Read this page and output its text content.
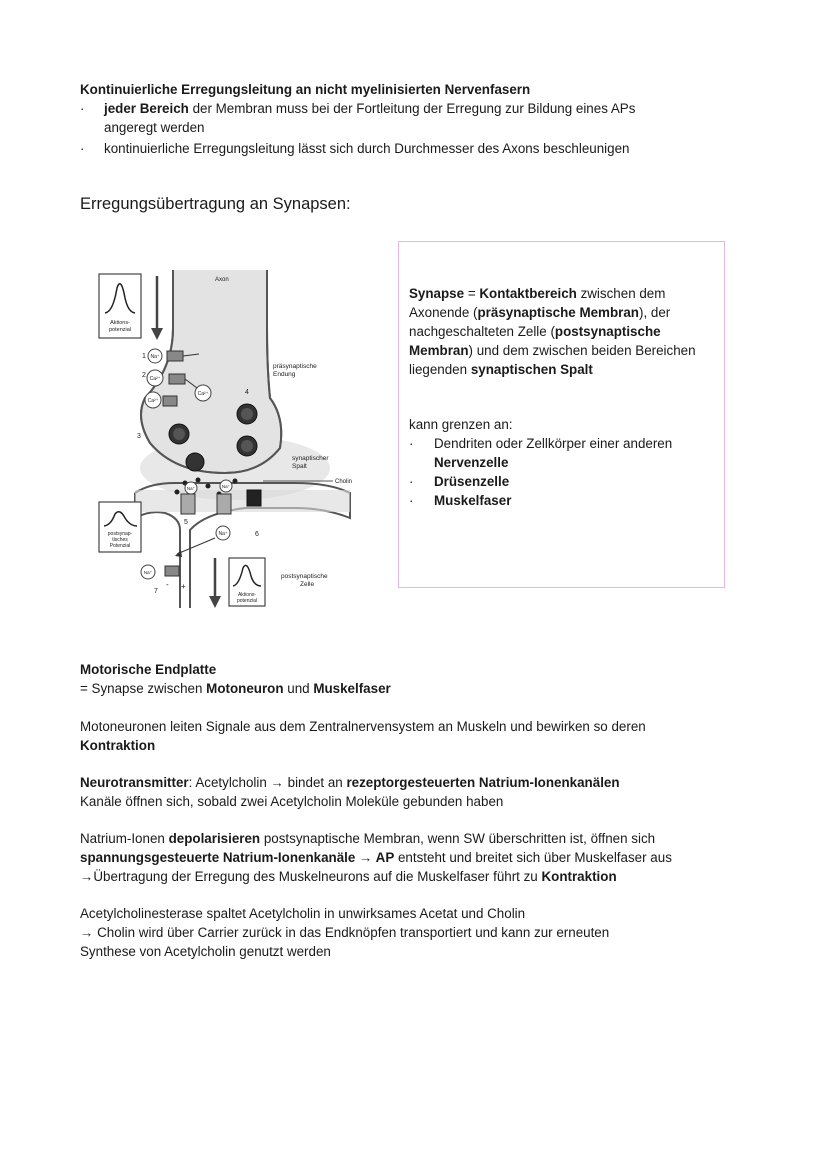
Kontinuierliche Erregungsleitung an nicht myelinisierten Nervenfasern
· jeder Bereich der Membran muss bei der Fortleitung der Erregung zur Bildung eines APs
angeregt werden
· kontinuierliche Erregungsleitung lässt sich durch Durchmesser des Axons beschleunigen
Erregungsübertragung an Synapsen:
Aktions-
potenzial
Axon
1
2
3
4
5
6
7
Na⁺
Ca²⁺
Ca²⁺
Ca²⁺
Na⁺	Na⁺
Na⁺
präsynaptische
Endung
synaptischer
Spalt
Cholin
postsynap-
tisches
Potenzial
Na⁺
- +
Aktions-
potenzial
postsynaptische
Zelle
Synapse = Kontaktbereich zwischen dem
Axonende (präsynaptische Membran), der
nachgeschalteten Zelle (postsynaptische
Membran) und dem zwischen beiden Bereichen
liegenden synaptischen Spalt
kann grenzen an:
· Dendriten oder Zellkörper einer anderen
Nervenzelle
· Drüsenzelle
· Muskelfaser
Motorische Endplatte
= Synapse zwischen Motoneuron und Muskelfaser
Motoneuronen leiten Signale aus dem Zentralnervensystem an Muskeln und bewirken so deren
Kontraktion
Neurotransmitter: Acetylcholin → bindet an rezeptorgesteuerten Natrium-Ionenkanälen
Kanäle öffnen sich, sobald zwei Acetylcholin Moleküle gebunden haben
Natrium-Ionen depolarisieren postsynaptische Membran, wenn SW überschritten ist, öffnen sich
spannungsgesteuerte Natrium-Ionenkanäle → AP entsteht und breitet sich über Muskelfaser aus
→Übertragung der Erregung des Muskelneurons auf die Muskelfaser führt zu Kontraktion
Acetylcholinesterase spaltet Acetylcholin in unwirksames Acetat und Cholin
→ Cholin wird über Carrier zurück in das Endknöpfen transportiert und kann zur erneuten
Synthese von Acetylcholin genutzt werden
